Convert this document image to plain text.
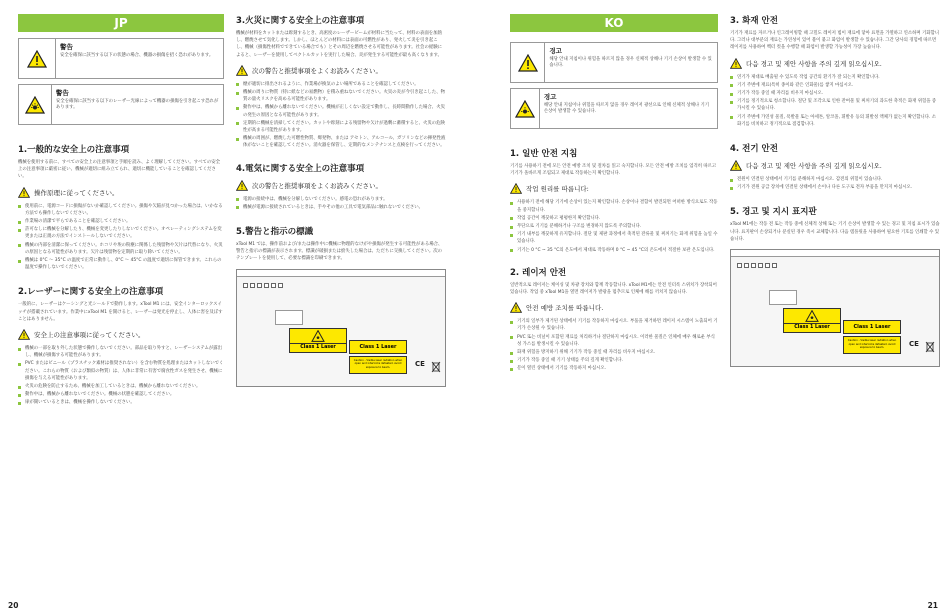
JP
警告
安全を確保に該当する以下の状態の場合、機器の損傷を招く恐れがあります。
警告
安全を確保に該当する以下のレーザー光線によって機器の損傷を引き起こす恐れがあります。
1.一般的な安全上の注意事項

機械を使用する前に、すべての安全上の注意事項と手順を読み、よく理解してください。すべての安全上の注意事項に厳密に従い、機械が適切に組み立てられ、適切に機能していることを確認してください。

操作原理に従ってください。
使用前に、電源コードに損傷がないか確認してください。損傷や欠陥が見つかった場合は、いかなる方法でも操作しないでください。
作業場の清潔で平らであることを確認してください。
許可なしに機械を分解したり、機械を変更したりしないでください。オペレーティングシステムを変更または正規の方法でインストールしないでください。
機械の内部を清潔に保ってください。ホコリや埃の粉塵に関係した残留物や欠片は代替になり、火災の原因となる可能性があります。欠片は残留物を定期的に取り除いてください。
機械は 0°C ～ 35°C の温度で正常に動作し、0°C ～ 45°C の温度で適切に保管できます。これらの温度で操作しないでください。
2.レーザーに関する安全上の注意事項

一般的に、レーザーはケーシングと光シールドで動作します。xTool M1 には、安全インターロックスイッチが搭載されています。作業中にxTool M1 を開けると、レーザーは発光を停止し、人体に害を及ぼすことはありません。

安全上の注意事項に従ってください。
機械の一部を取り外した状態で操作しないでください。部品を取り外すと、レーザーシステムが露出し、機械が損傷する可能性があります。
PVC またはビニール（プラスチック素材は推奨されない）を含む物質を処理またはカットしないでください。これらの物質（および類似の物質）は、人体に非常に有害で腐食性ガスを発生させ、機械に損傷を与える可能性があります。
火災の危険を防止するため、機械を加工しているときは、機械から離れないでください。
動作中は、機械から離れないでください。機械の状態を確認してください。
扉が開いているときは、機械を操作しないでください。
3.火災に関する安全上の注意事項

機械が材料をカットまたは彫刻するとき、高密度のレーザービームが材料に当たって、材料の表面を加熱し、燃焼させて気化します。しかし、ほとんどの材料には表面の可燃性があり、発火して炎を引き起こし、機械（損傷性材料でできている場合でも）とその周辺を燃焼させる可能性があります。社会の経験によると、レーザーを使用してベクトルカットを実行した場合、炎が発生する可能性が最も高くなります。

次の警告と推奨事項をよくお読みください。
煙が適切に排出されるように、作業場が換気のよい場所であることを確認してください。
機械の周りに物質（特に紙などの易燃物）を積み重ねないでください。火災の炎が今引き起こした、物質の量火リスクを高める可能性があります。
動作中は、機械から離れないでください。機械が正しくない設定で動作し、長時間動作した場合、火災の発生の原因となる可能性があります。
定期的に機械を清掃してください。カットや彫刻による残留物や欠けが過剰に蓄積すると、火災の危険性が高まる可能性があります。
機械の周囲が、燃焼した可燃性物質、爆発物、または アセトン、アルコール、ガソリンなどの揮発性液体がないことを確認してください。消火器を保管し、定期的なメンテナンスと点検を行ってください。
4.電気に関する安全上の注意事項
次の警告と推奨事項をよくお読みください。
電源の接続中は、機械を分解しないでください。感電の恐れがあります。
機械が電源に接続されているときは、手やその他の工具で電気部品に触れないでください。
5.警告と指示の標識

xTool M1 では、操作前および/または操作中に機械に物理的なけがや損傷が発生する可能性がある場合、警告と指示の標識が表示されます。標識が破損または紛失した場合は、ただちに交換してください。次のテンプレートを使用して、必要な標識を印刷できます。

Class 1 Laser	Class 1 Laser
Caution - Visible laser radiation when open and interlocks defeated. Avoid exposure to beam.	CE
KO
경고
해당 안내 지침이나 위험을 따르지 않을 경우 신체적 상해나 기기 손상이 발생할 수 있습니다.
경고
해당 안내 지침이나 위험을 따르지 않을 경우 레이저 광선으로 인해 신체적 상해나 기기 손상이 발생할 수 있습니다.
1. 일반 안전 지침

기기를 사용하기 전에 모든 안전 예방 조치 및 절차를 읽고 숙지합니다. 모든 안전 예방 조치를 엄격히 따르고 기기가 올바르게 조립되고 제대로 작동하는지 확인합니다.

작업 원리를 따릅니다:
사용하기 전에 해당 기기에 손상이 있는지 확인합니다. 손상이나 결함이 발견되면 어떠한 방식으로도 작동을 중지합니다.
작업 공간이 깨끗하고 평평한지 확인합니다.
무단으로 기기를 분해하거나 구조를 변경하지 않도록 주의합니다.
기기 내부를 깨끗하게 유지합니다. 절단 및 제판 과정에서 축적된 잔류물 및 찌꺼기는 화재 위험을 높일 수 있습니다.
기기는 0 °C ~ 35 °C의 온도에서 제대로 작동하며 0 °C ~ 45 °C의 온도에서 적절한 보관 온도입니다.
2. 레이저 안전

일반적으로 레이저는 케이싱 및 차광 장치와 함께 작동합니다. xTool M1에는 안전 인터록 스위치가 장착되어 있습니다. 작업 중 xTool M1을 열면 레이저가 발광을 멈추므로 인체에 해를 끼치지 않습니다.

안전 예방 조치를 따릅니다.
기기의 일부가 제거된 상태에서 기기를 작동하지 마십시오. 부품을 제거하면 레이저 시스템이 노출되어 기기가 손상될 수 있습니다.
PVC 또는 비닐이 포함된 재료를 처리하거나 절단하지 마십시오. 이러한 물질은 인체에 매우 해로운 부식성 가스를 발생시킬 수 있습니다.
화재 위험을 방지하기 위해 기기가 작동 중일 때 자리를 비우지 마십시오.
기기가 작동 중일 때 기기 상태를 주의 깊게 확인합니다.
문이 열린 상태에서 기기를 작동하지 마십시오.
3. 화재 안전

기기가 재료를 자르거나 인그레이빙할 때 고밀도 레이저 빔이 재료에 닿아 표면을 가열하고 연소하며 기화합니다. 그러나 대부분의 재료는 가연성이 있어 불이 붙고 화염이 발생할 수 있습니다. 그간 당사의 경험에 따르면 레이저를 사용하여 벡터 컷을 수행할 때 화염이 발생할 가능성이 가장 높습니다.

다음 경고 및 제안 사항을 주의 깊게 읽으십시오.
연기가 제대로 배출될 수 있도록 작업 공간의 환기가 잘 되는지 확인합니다.
기기 주변에 재료(특히 종이와 같은 인화물)를 쌓지 마십시오.
기기가 작동 중일 때 자리를 비우지 마십시오.
기기를 정기적으로 청소합니다. 절단 및 조각으로 인한 잔여물 및 찌꺼기의 과도한 축적은 화재 위험을 증가시킬 수 있습니다.
기기 주변에 가연성 물질, 폭발물 또는 아세톤, 알코올, 휘발유 등의 휘발성 액체가 없는지 확인합니다. 소화기를 비치하고 정기적으로 점검합니다.
4. 전기 안전
다음 경고 및 제안 사항을 주의 깊게 읽으십시오.
전원이 연결된 상태에서 기기를 분해하지 마십시오. 감전의 위험이 있습니다.
기기가 전원 공급 장치에 연결된 상태에서 손이나 다른 도구로 전자 부품을 만지지 마십시오.
5. 경고 및 지시 표지판

xTool M1에는 작동 전 또는 작동 중에 신체적 상해 또는 기기 손상이 발생할 수 있는 경고 및 지침 표시가 있습니다. 표지판이 손상되거나 분실된 경우 즉시 교체합니다. 다음 템플릿을 사용하여 필요한 기호를 인쇄할 수 있습니다.

Class 1 Laser	Class 1 Laser
Caution - Visible laser radiation when open and interlocks defeated. Avoid exposure to beam.	CE
20	21
